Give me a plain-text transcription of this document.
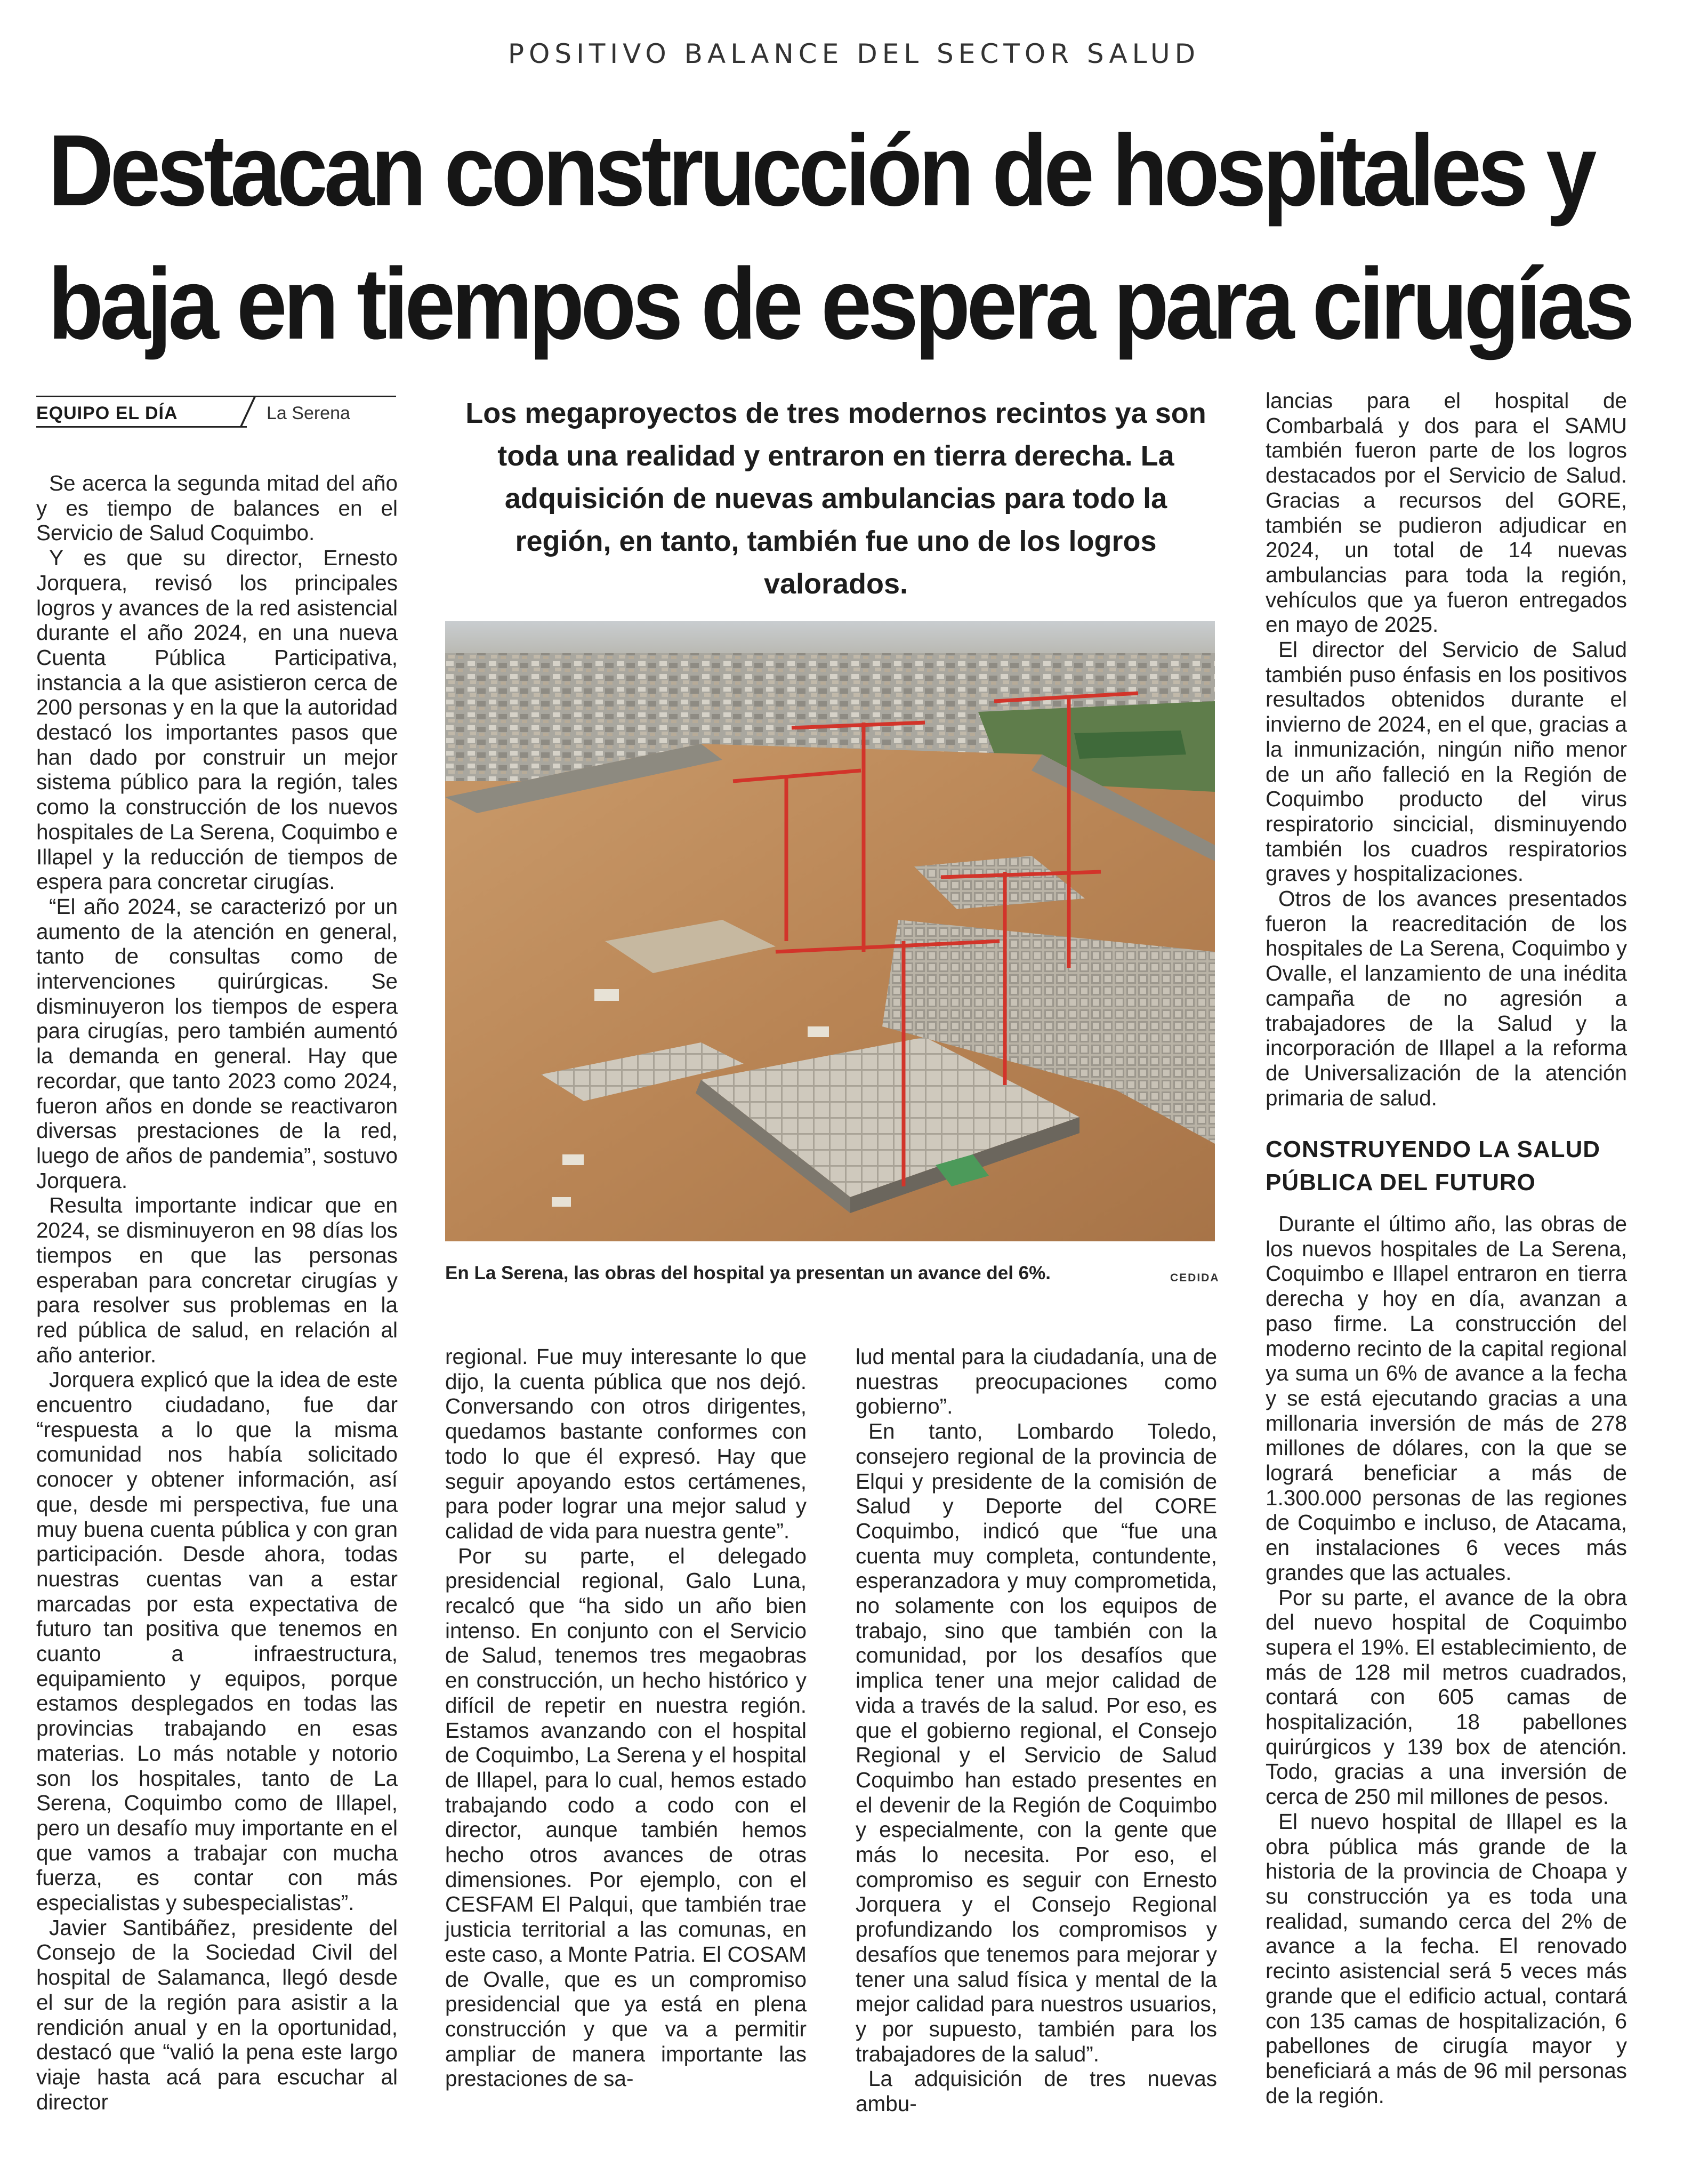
POSITIVO BALANCE DEL SECTOR SALUD
Destacan construcción de hospitales y
baja en tiempos de espera para cirugías
EQUIPO EL DÍA	La Serena	Los megaproyectos de tres modernos recintos ya son toda una realidad y entraron en tierra derecha. La adquisición de nuevas ambulancias para todo la región, en tanto, también fue uno de los logros valorados.

Se acerca la segunda mitad del año y es tiempo de balances en el Servicio de Salud Coquimbo.

Y es que su director, Ernesto Jorquera, revisó los principales logros y avances de la red asistencial durante el año 2024, en una nueva Cuenta Pública Participativa, instancia a la que asistieron cerca de 200 personas y en la que la autoridad destacó los importantes pasos que han dado por construir un mejor sistema público para la región, tales como la construcción de los nuevos hospitales de La Serena, Coquimbo e Illapel y la reducción de tiempos de espera para concretar cirugías.

“El año 2024, se caracterizó por un aumento de la atención en general, tanto de consultas como de intervenciones quirúrgicas. Se disminuyeron los tiempos de espera para cirugías, pero también aumentó la demanda en general. Hay que recordar, que tanto 2023 como 2024, fueron años en donde se reactivaron diversas prestaciones de la red, luego de años de pandemia”, sostuvo Jorquera.

Resulta importante indicar que en 2024, se disminuyeron en 98 días los tiempos en que las personas esperaban para concretar cirugías y para resolver sus problemas en la red pública de salud, en relación al año anterior.

Jorquera explicó que la idea de este encuentro ciudadano, fue dar “respuesta a lo que la misma comunidad nos había solicitado conocer y obtener información, así que, desde mi perspectiva, fue una muy buena cuenta pública y con gran participación. Desde ahora, todas nuestras cuentas van a estar marcadas por esta expectativa de futuro tan positiva que tenemos en cuanto a infraestructura, equipamiento y equipos, porque estamos desplegados en todas las provincias trabajando en esas materias. Lo más notable y notorio son los hospitales, tanto de La Serena, Coquimbo como de Illapel, pero un desafío muy importante en el que vamos a trabajar con mucha fuerza, es contar con más especialistas y subespecialistas”.

Javier Santibáñez, presidente del Consejo de la Sociedad Civil del hospital de Salamanca, llegó desde el sur de la región para asistir a la rendición anual y en la oportunidad, destacó que “valió la pena este largo viaje hasta acá para escuchar al director

En La Serena, las obras del hospital ya presentan un avance del 6%.	CEDIDA

regional. Fue muy interesante lo que dijo, la cuenta pública que nos dejó. Conversando con otros dirigentes, quedamos bastante conformes con todo lo que él expresó. Hay que seguir apoyando estos certámenes, para poder lograr una mejor salud y calidad de vida para nuestra gente”.

Por su parte, el delegado presidencial regional, Galo Luna, recalcó que “ha sido un año bien intenso. En conjunto con el Servicio de Salud, tenemos tres megaobras en construcción, un hecho histórico y difícil de repetir en nuestra región. Estamos avanzando con el hospital de Coquimbo, La Serena y el hospital de Illapel, para lo cual, hemos estado trabajando codo a codo con el director, aunque también hemos hecho otros avances de otras dimensiones. Por ejemplo, con el CESFAM El Palqui, que también trae justicia territorial a las comunas, en este caso, a Monte Patria. El COSAM de Ovalle, que es un compromiso presidencial que ya está en plena construcción y que va a permitir ampliar de manera importante las prestaciones de sa-

lud mental para la ciudadanía, una de nuestras preocupaciones como gobierno”.

En tanto, Lombardo Toledo, consejero regional de la provincia de Elqui y presidente de la comisión de Salud y Deporte del CORE Coquimbo, indicó que “fue una cuenta muy completa, contundente, esperanzadora y muy comprometida, no solamente con los equipos de trabajo, sino que también con la comunidad, por los desafíos que implica tener una mejor calidad de vida a través de la salud. Por eso, es que el gobierno regional, el Consejo Regional y el Servicio de Salud Coquimbo han estado presentes en el devenir de la Región de Coquimbo y especialmente, con la gente que más lo necesita. Por eso, el compromiso es seguir con Ernesto Jorquera y el Consejo Regional profundizando los compromisos y desafíos que tenemos para mejorar y tener una salud física y mental de la mejor calidad para nuestros usuarios, y por supuesto, también para los trabajadores de la salud”.

La adquisición de tres nuevas ambu-

lancias para el hospital de Combarbalá y dos para el SAMU también fueron parte de los logros destacados por el Servicio de Salud. Gracias a recursos del GORE, también se pudieron adjudicar en 2024, un total de 14 nuevas ambulancias para toda la región, vehículos que ya fueron entregados en mayo de 2025.

El director del Servicio de Salud también puso énfasis en los positivos resultados obtenidos durante el invierno de 2024, en el que, gracias a la inmunización, ningún niño menor de un año falleció en la Región de Coquimbo producto del virus respiratorio sincicial, disminuyendo también los cuadros respiratorios graves y hospitalizaciones.

Otros de los avances presentados fueron la reacreditación de los hospitales de La Serena, Coquimbo y Ovalle, el lanzamiento de una inédita campaña de no agresión a trabajadores de la Salud y la incorporación de Illapel a la reforma de Universalización de la atención primaria de salud.

CONSTRUYENDO LA SALUD PÚBLICA DEL FUTURO

Durante el último año, las obras de los nuevos hospitales de La Serena, Coquimbo e Illapel entraron en tierra derecha y hoy en día, avanzan a paso firme. La construcción del moderno recinto de la capital regional ya suma un 6% de avance a la fecha y se está ejecutando gracias a una millonaria inversión de más de 278 millones de dólares, con la que se logrará beneficiar a más de 1.300.000 personas de las regiones de Coquimbo e incluso, de Atacama, en instalaciones 6 veces más grandes que las actuales.

Por su parte, el avance de la obra del nuevo hospital de Coquimbo supera el 19%. El establecimiento, de más de 128 mil metros cuadrados, contará con 605 camas de hospitalización, 18 pabellones quirúrgicos y 139 box de atención. Todo, gracias a una inversión de cerca de 250 mil millones de pesos.

El nuevo hospital de Illapel es la obra pública más grande de la historia de la provincia de Choapa y su construcción ya es toda una realidad, sumando cerca del 2% de avance a la fecha. El renovado recinto asistencial será 5 veces más grande que el edificio actual, contará con 135 camas de hospitalización, 6 pabellones de cirugía mayor y beneficiará a más de 96 mil personas de la región.
